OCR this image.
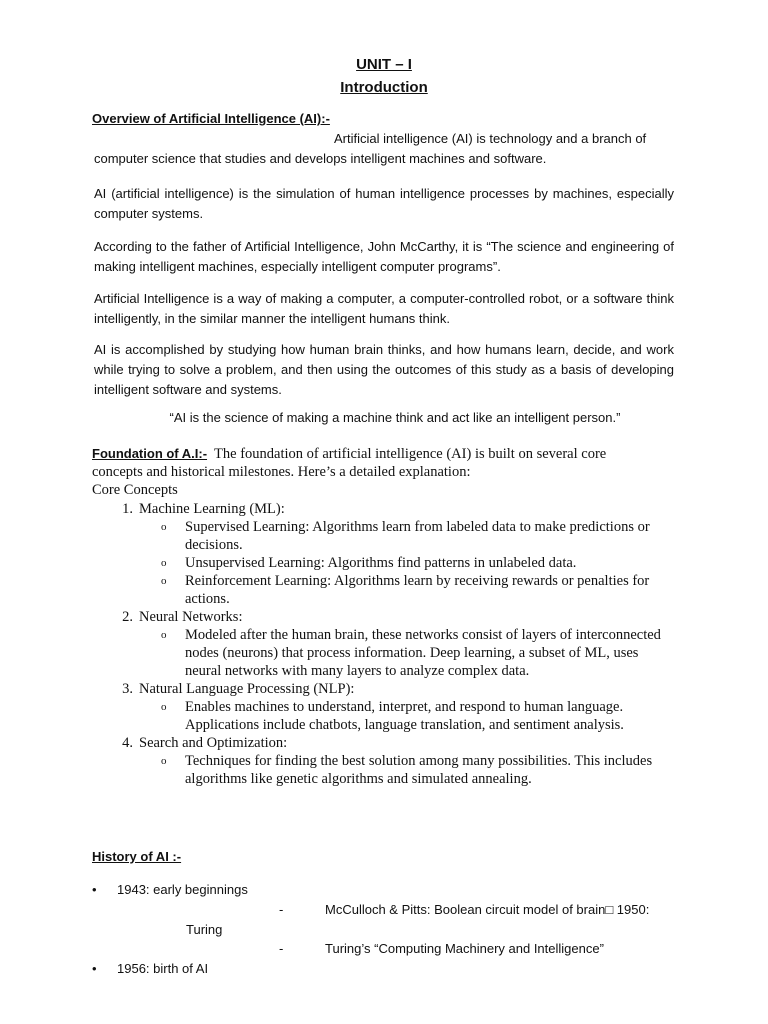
UNIT – I
Introduction
Overview of Artificial Intelligence (AI):-
Artificial intelligence (AI) is technology and a branch of
computer science that studies and develops intelligent machines and software.

AI (artificial intelligence) is the simulation of human intelligence processes by machines, especially computer systems.

According to the father of Artificial Intelligence, John McCarthy, it is “The science and engineering of making intelligent machines, especially intelligent computer programs”.

Artificial Intelligence is a way of making a computer, a computer-controlled robot, or a software think intelligently, in the similar manner the intelligent humans think.

AI is accomplished by studying how human brain thinks, and how humans learn, decide, and work while trying to solve a problem, and then using the outcomes of this study as a basis of developing intelligent software and systems.

“AI is the science of making a machine think and act like an intelligent person.”

Foundation of A.I:- The foundation of artificial intelligence (AI) is built on several core concepts and historical milestones. Here’s a detailed explanation:

Core Concepts
1. Machine Learning (ML):
o Supervised Learning: Algorithms learn from labeled data to make predictions or decisions.
o Unsupervised Learning: Algorithms find patterns in unlabeled data.
o Reinforcement Learning: Algorithms learn by receiving rewards or penalties for actions.
2. Neural Networks:
o Modeled after the human brain, these networks consist of layers of interconnected nodes (neurons) that process information. Deep learning, a subset of ML, uses neural networks with many layers to analyze complex data.
3. Natural Language Processing (NLP):
o Enables machines to understand, interpret, and respond to human language. Applications include chatbots, language translation, and sentiment analysis.
4. Search and Optimization:
o Techniques for finding the best solution among many possibilities. This includes algorithms like genetic algorithms and simulated annealing.
History of AI :-
• 1943: early beginnings
-	McCulloch & Pitts: Boolean circuit model of brain□ 1950:
Turing
-	Turing’s “Computing Machinery and Intelligence”
• 1956: birth of AI
